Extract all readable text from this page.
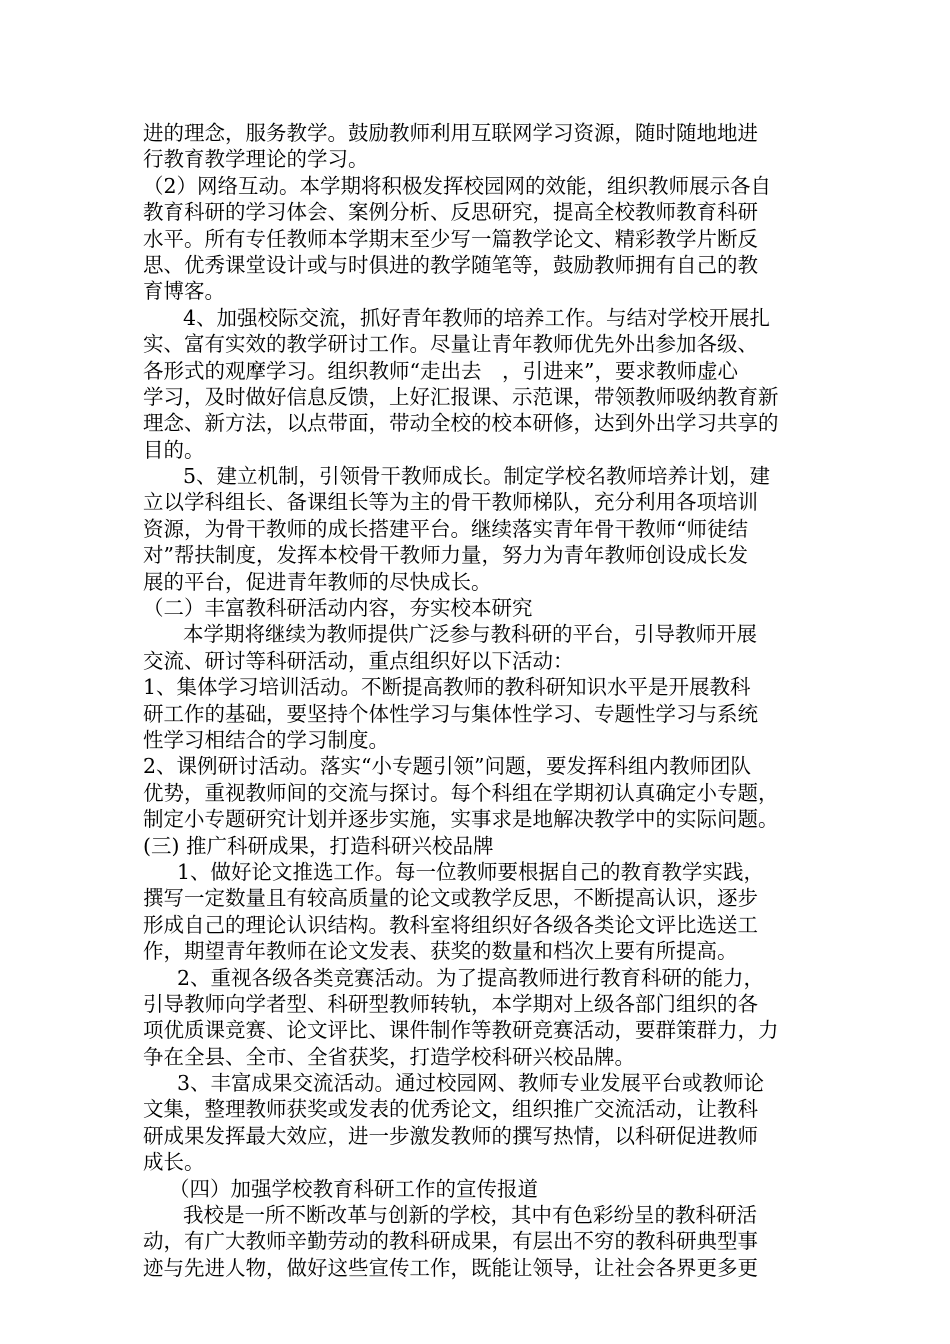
进的理念，服务教学。鼓励教师利用互联网学习资源，随时随地地进
行教育教学理论的学习。
（2）网络互动。本学期将积极发挥校园网的效能，组织教师展示各自
教育科研的学习体会、案例分析、反思研究，提高全校教师教育科研
水平。所有专任教师本学期末至少写一篇教学论文、精彩教学片断反
思、优秀课堂设计或与时俱进的教学随笔等，鼓励教师拥有自己的教
育博客。
4、加强校际交流，抓好青年教师的培养工作。与结对学校开展扎
实、富有实效的教学研讨工作。尽量让青年教师优先外出参加各级、
各形式的观摩学习。组织教师“走出去　，引进来”，要求教师虚心
学习，及时做好信息反馈，上好汇报课、示范课，带领教师吸纳教育新
理念、新方法，以点带面，带动全校的校本研修，达到外出学习共享的
目的。
5、建立机制，引领骨干教师成长。制定学校名教师培养计划，建
立以学科组长、备课组长等为主的骨干教师梯队，充分利用各项培训
资源，为骨干教师的成长搭建平台。继续落实青年骨干教师“师徒结
对”帮扶制度，发挥本校骨干教师力量，努力为青年教师创设成长发
展的平台，促进青年教师的尽快成长。
（二）丰富教科研活动内容，夯实校本研究
本学期将继续为教师提供广泛参与教科研的平台，引导教师开展
交流、研讨等科研活动，重点组织好以下活动：
1、集体学习培训活动。不断提高教师的教科研知识水平是开展教科
研工作的基础，要坚持个体性学习与集体性学习、专题性学习与系统
性学习相结合的学习制度。
2、课例研讨活动。落实“小专题引领”问题，要发挥科组内教师团队
优势，重视教师间的交流与探讨。每个科组在学期初认真确定小专题，
制定小专题研究计划并逐步实施，实事求是地解决教学中的实际问题。
(三) 推广科研成果，打造科研兴校品牌
1、做好论文推选工作。每一位教师要根据自己的教育教学实践，
撰写一定数量且有较高质量的论文或教学反思，不断提高认识，逐步
形成自己的理论认识结构。教科室将组织好各级各类论文评比选送工
作，期望青年教师在论文发表、获奖的数量和档次上要有所提高。
2、重视各级各类竞赛活动。为了提高教师进行教育科研的能力，
引导教师向学者型、科研型教师转轨，本学期对上级各部门组织的各
项优质课竞赛、论文评比、课件制作等教研竞赛活动，要群策群力，力
争在全县、全市、全省获奖，打造学校科研兴校品牌。
3、丰富成果交流活动。通过校园网、教师专业发展平台或教师论
文集，整理教师获奖或发表的优秀论文，组织推广交流活动，让教科
研成果发挥最大效应，进一步激发教师的撰写热情，以科研促进教师
成长。
（四）加强学校教育科研工作的宣传报道
我校是一所不断改革与创新的学校，其中有色彩纷呈的教科研活
动，有广大教师辛勤劳动的教科研成果，有层出不穷的教科研典型事
迹与先进人物，做好这些宣传工作，既能让领导，让社会各界更多更
